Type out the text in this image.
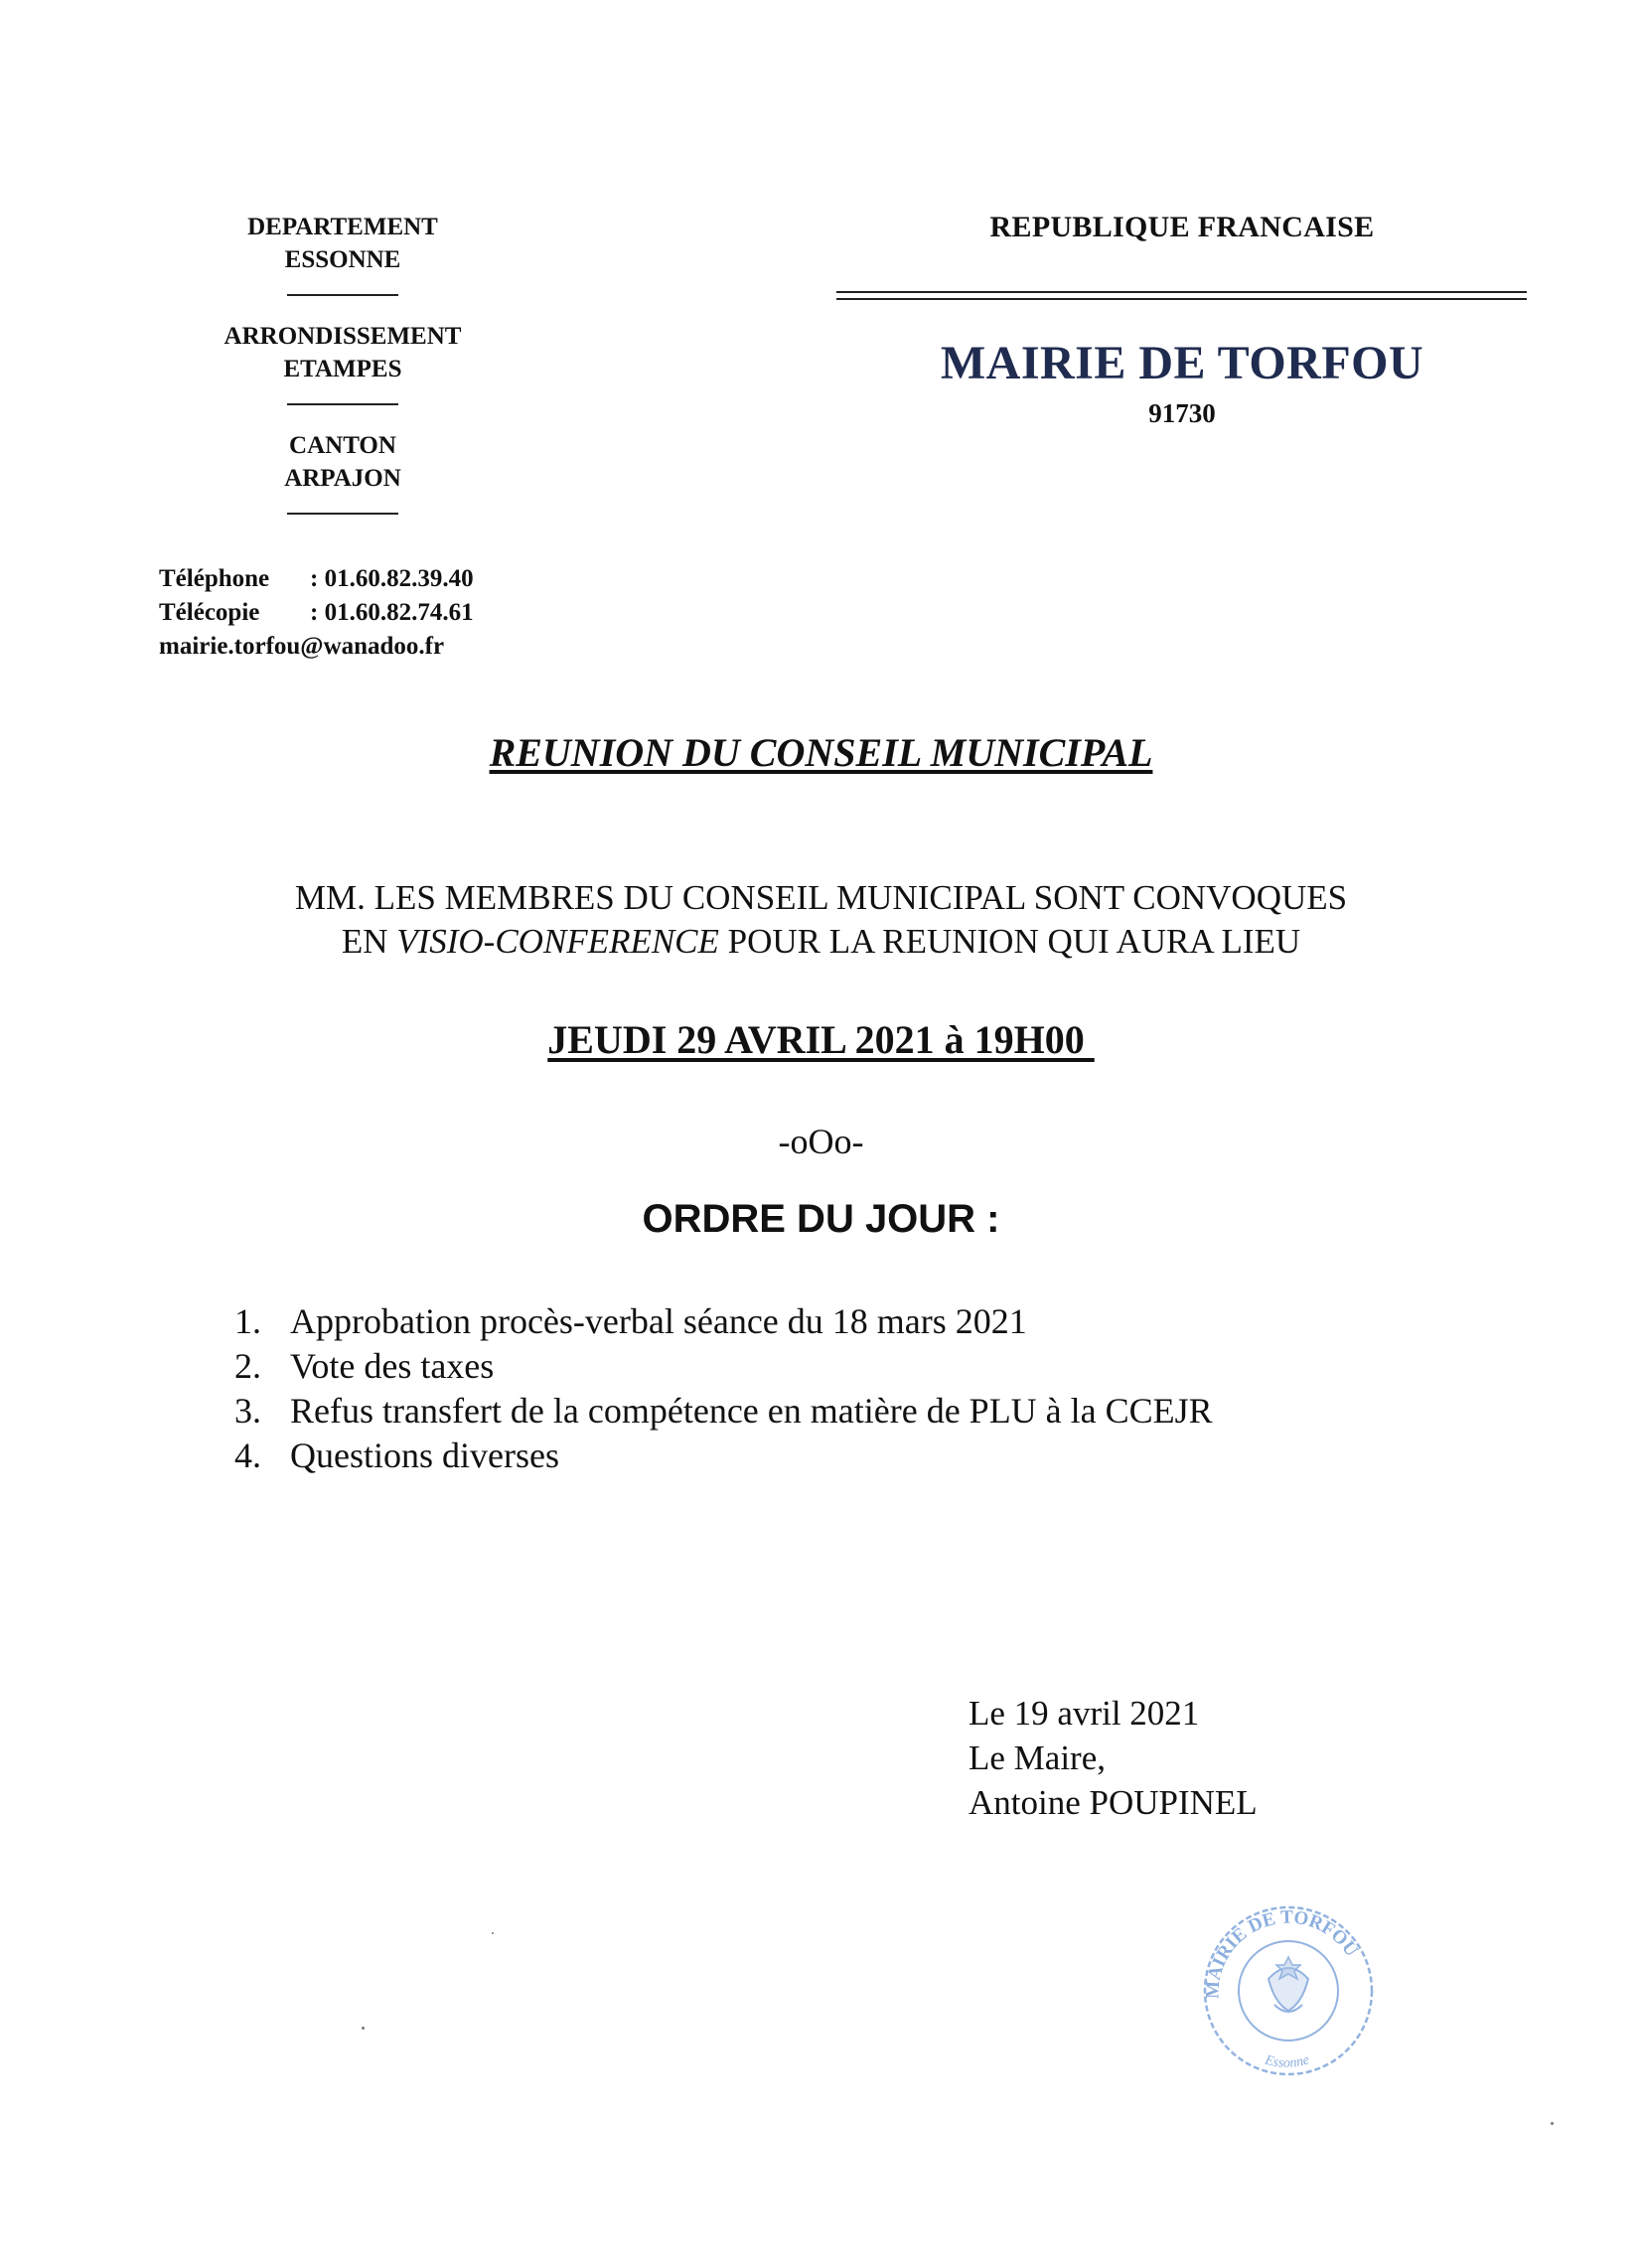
DEPARTEMENT
ESSONNE
ARRONDISSEMENT
ETAMPES
CANTON
ARPAJON
Téléphone : 01.60.82.39.40
Télécopie : 01.60.82.74.61
mairie.torfou@wanadoo.fr
REPUBLIQUE FRANCAISE
MAIRIE DE TORFOU
91730
REUNION DU CONSEIL MUNICIPAL
MM. LES MEMBRES DU CONSEIL MUNICIPAL SONT CONVOQUES
EN VISIO-CONFERENCE POUR LA REUNION QUI AURA LIEU
JEUDI 29 AVRIL 2021 à 19H00
-oOo-
ORDRE DU JOUR :
1. Approbation procès-verbal séance du 18 mars 2021
2. Vote des taxes
3. Refus transfert de la compétence en matière de PLU à la CCEJR
4. Questions diverses
Le 19 avril 2021
Le Maire,
Antoine POUPINEL
MAIRIE DE TORFOU
Essonne
